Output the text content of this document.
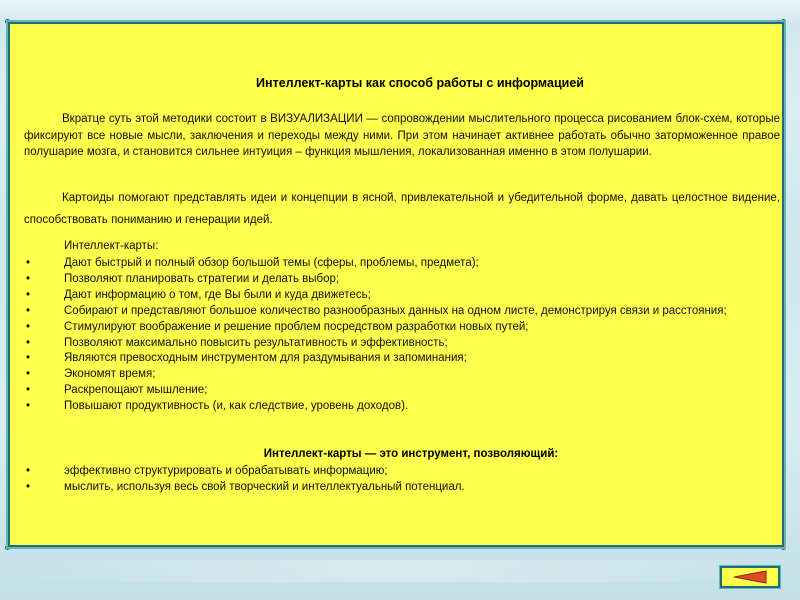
Интеллект-карты как способ работы с информацией
Вкратце суть этой методики состоит в ВИЗУАЛИЗАЦИИ — сопровождении мыслительного процесса рисованием блок-схем, которые фиксируют все новые мысли, заключения и переходы между ними. При этом начинает активнее работать обычно заторможенное правое полушарие мозга, и становится сильнее интуиция – функция мышления, локализованная именно в этом полушарии.
Картоиды помогают представлять идеи и концепции в ясной, привлекательной и убедительной форме, давать целостное видение, способствовать пониманию и генерации идей.
Интеллект-карты:
•	Дают быстрый и полный обзор большой темы (сферы, проблемы, предмета);
•	Позволяют планировать стратегии и делать выбор;
•	Дают информацию о том, где Вы были и куда движетесь;
•	Собирают и представляют большое количество разнообразных данных на одном листе, демонстрируя связи и расстояния;
•	Стимулируют воображение и решение проблем посредством разработки новых путей;
•	Позволяют максимально повысить результативность и эффективность;
•	Являются превосходным инструментом для раздумывания и запоминания;
•	Экономят время;
•	Раскрепощают мышление;
•	Повышают продуктивность (и, как следствие, уровень доходов).
Интеллект-карты — это инструмент, позволяющий:
•	эффективно структурировать и обрабатывать информацию;
•	мыслить, используя весь свой творческий и интеллектуальный потенциал.
